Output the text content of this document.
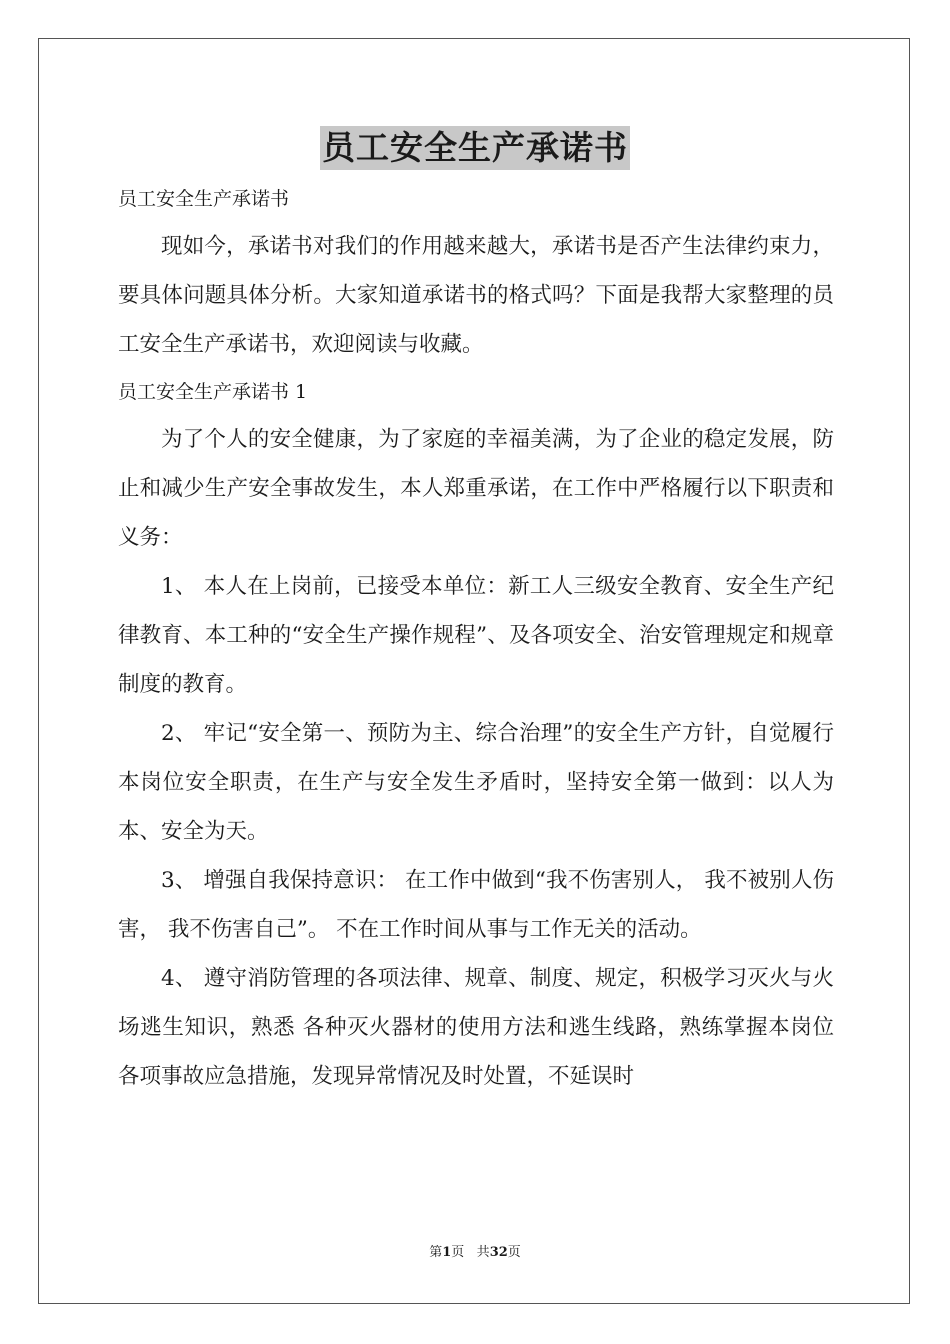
员工安全生产承诺书
员工安全生产承诺书

现如今，承诺书对我们的作用越来越大，承诺书是否产生法律约束力，要具体问题具体分析。大家知道承诺书的格式吗？下面是我帮大家整理的员工安全生产承诺书，欢迎阅读与收藏。

员工安全生产承诺书 1

为了个人的安全健康，为了家庭的幸福美满，为了企业的稳定发展，防止和减少生产安全事故发生，本人郑重承诺，在工作中严格履行以下职责和义务：

1、 本人在上岗前，已接受本单位：新工人三级安全教育、安全生产纪律教育、本工种的“安全生产操作规程”、及各项安全、治安管理规定和规章制度的教育。

2、 牢记“安全第一、预防为主、综合治理”的安全生产方针，自觉履行本岗位安全职责，在生产与安全发生矛盾时，坚持安全第一做到：以人为本、安全为天。

3、 增强自我保持意识： 在工作中做到“我不伤害别人， 我不被别人伤害， 我不伤害自己”。 不在工作时间从事与工作无关的活动。

4、 遵守消防管理的各项法律、规章、制度、规定，积极学习灭火与火场逃生知识，熟悉 各种灭火器材的使用方法和逃生线路，熟练掌握本岗位各项事故应急措施，发现异常情况及时处置，不延误时

第1页 共32页
